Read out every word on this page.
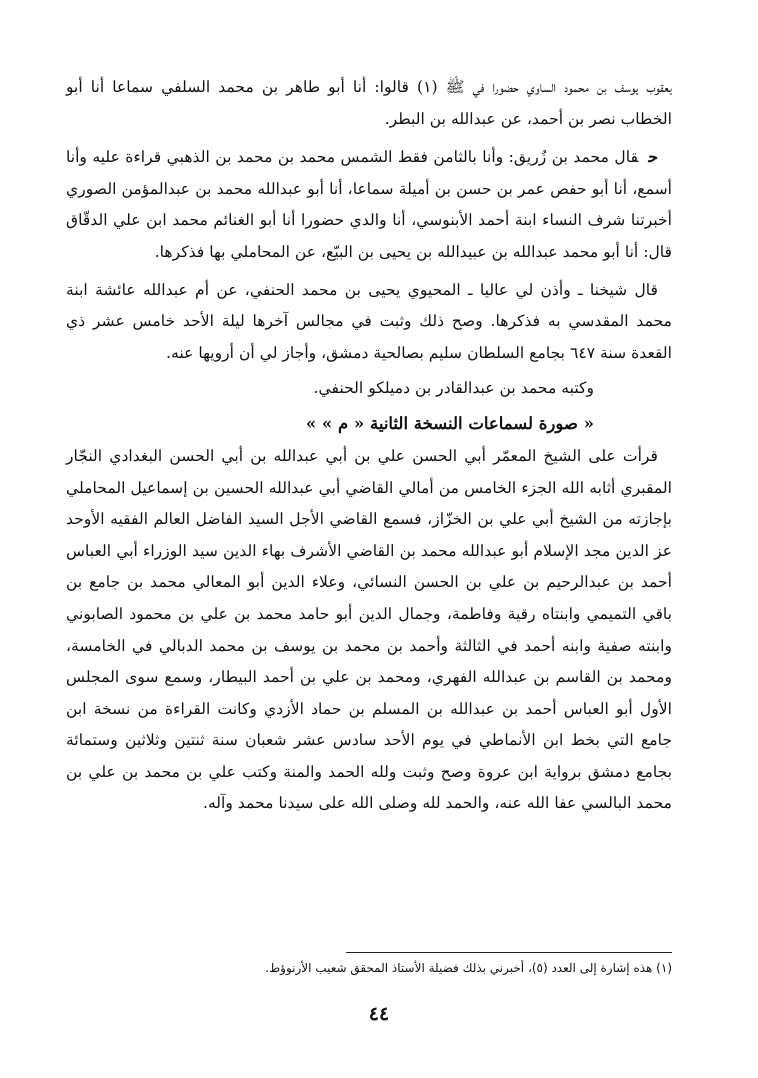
يعقوب يوسف بن محمود الساوي حضورا في ﷺ (١) قالوا: أنا أبو طاهر بن محمد السلفي سماعا أنا أبو الخطاب نصر بن أحمد، عن عبدالله بن البطر.

حقال محمد بن زُريق: وأنا بالثامن فقط الشمس محمد بن محمد بن الذهبي قراءة عليه وأنا أسمع، أنا أبو حفص عمر بن حسن بن أميلة سماعا، أنا أبو عبدالله محمد بن عبدالمؤمن الصوري أخبرتنا شرف النساء ابنة أحمد الأبنوسي، أنا والدي حضورا أنا أبو الغنائم محمد ابن علي الدقّاق قال: أنا أبو محمد عبدالله بن عبيدالله بن يحيى بن البيّع، عن المحاملي بها فذكرها.

قال شيخنا ـ وأذن لي عاليا ـ المحيوي يحيى بن محمد الحنفي، عن أم عبدالله عائشة ابنة محمد المقدسي به فذكرها. وصح ذلك وثبت في مجالس آخرها ليلة الأحد خامس عشر ذي القعدة سنة ٦٤٧ بجامع السلطان سليم بصالحية دمشق، وأجاز لي أن أرويها عنه.

وكتبه محمد بن عبدالقادر بن دميلكو الحنفي.
« صورة لسماعات النسخة الثانية « م » »

قرأت على الشيخ المعمّر أبي الحسن علي بن أبي عبدالله بن أبي الحسن البغدادي النجّار المقبري أثابه الله الجزء الخامس من أمالي القاضي أبي عبدالله الحسين بن إسماعيل المحاملي بإجازته من الشيخ أبي علي بن الخزّاز، فسمع القاضي الأجل السيد الفاضل العالم الفقيه الأوحد عز الدين مجد الإسلام أبو عبدالله محمد بن القاضي الأشرف بهاء الدين سيد الوزراء أبي العباس أحمد بن عبدالرحيم بن علي بن الحسن النسائي، وعلاء الدين أبو المعالي محمد بن جامع بن باقي التميمي وابنتاه رقية وفاطمة، وجمال الدين أبو حامد محمد بن علي بن محمود الصابوني وابنته صفية وابنه أحمد في الثالثة وأحمد بن محمد بن يوسف بن محمد الدبالي في الخامسة، ومحمد بن القاسم بن عبدالله الفهري، ومحمد بن علي بن أحمد البيطار، وسمع سوى المجلس الأول أبو العباس أحمد بن عبدالله بن المسلم بن حماد الأزدي وكانت القراءة من نسخة ابن جامع التي بخط ابن الأنماطي في يوم الأحد سادس عشر شعبان سنة ثنتين وثلاثين وستمائة بجامع دمشق برواية ابن عروة وصح وثبت ولله الحمد والمنة وكتب علي بن محمد بن علي بن محمد البالسي عفا الله عنه، والحمد لله وصلى الله على سيدنا محمد وآله.

(١) هذه إشارة إلى العدد (٥)، أخبرني بذلك فضيلة الأستاذ المحقق شعيب الأرنوؤط.
٤٤
